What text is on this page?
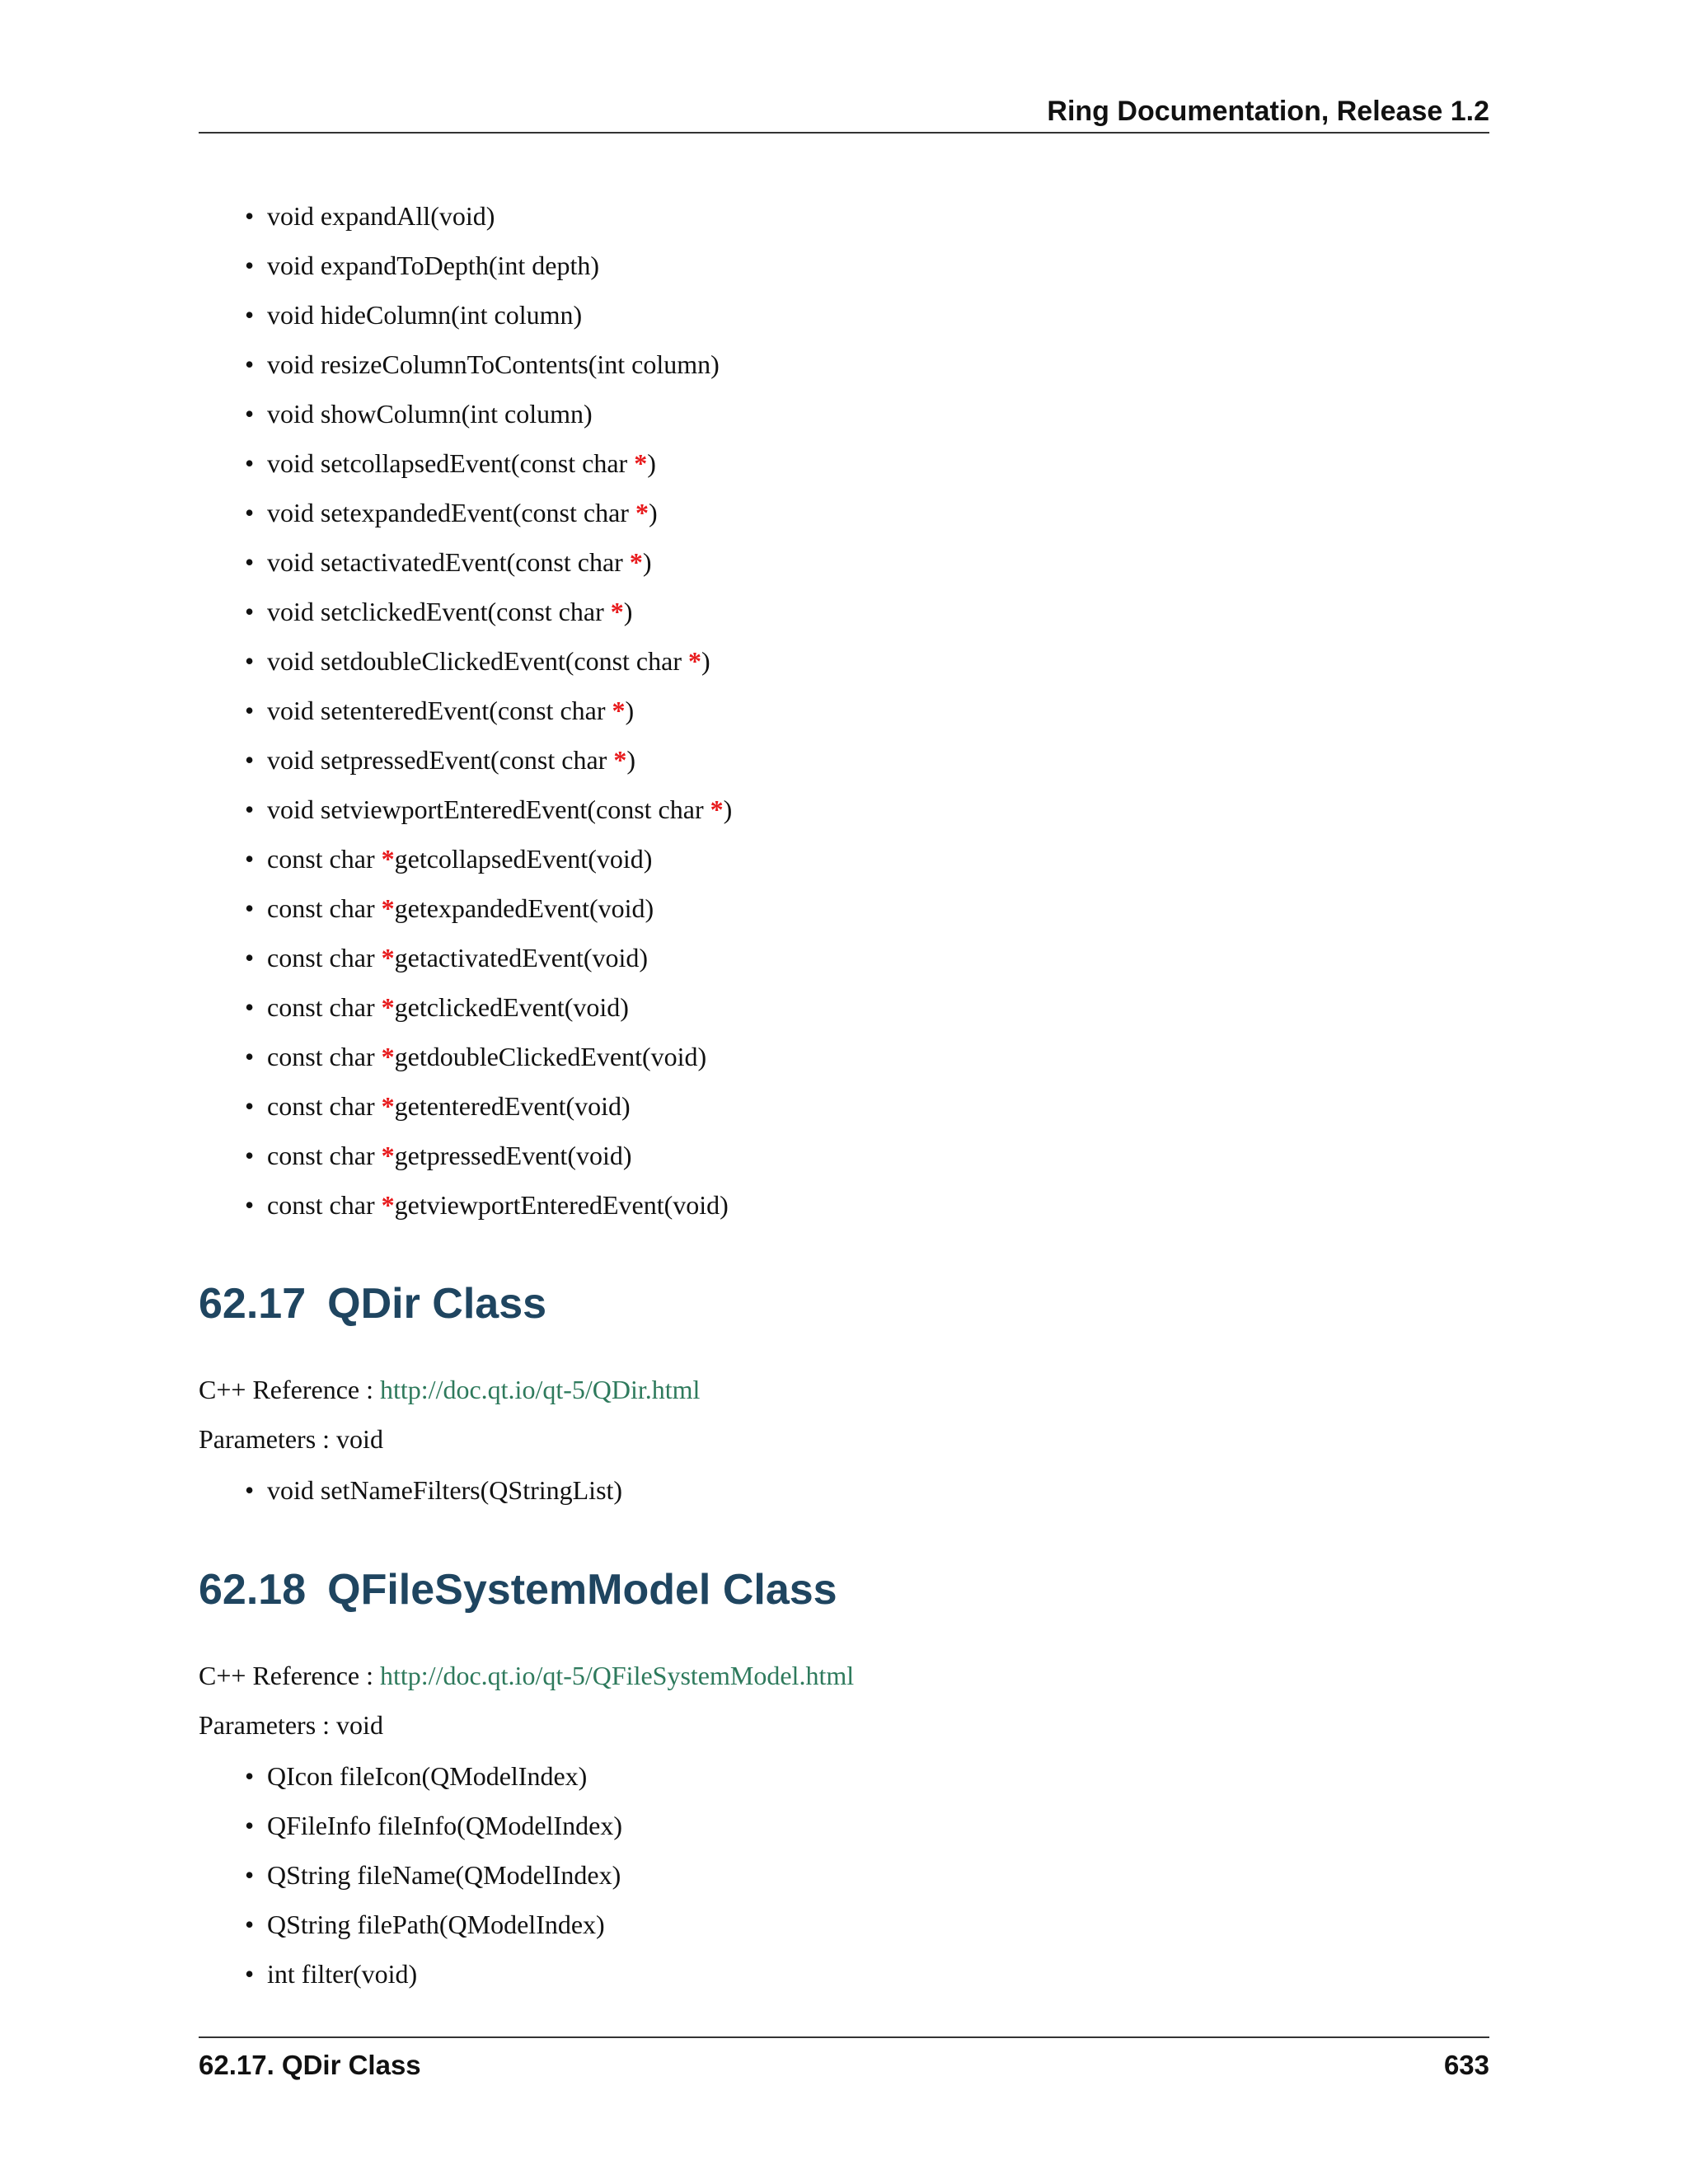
Ring Documentation, Release 1.2
• void expandAll(void)
• void expandToDepth(int depth)
• void hideColumn(int column)
• void resizeColumnToContents(int column)
• void showColumn(int column)
• void setcollapsedEvent(const char *)
• void setexpandedEvent(const char *)
• void setactivatedEvent(const char *)
• void setclickedEvent(const char *)
• void setdoubleClickedEvent(const char *)
• void setenteredEvent(const char *)
• void setpressedEvent(const char *)
• void setviewportEnteredEvent(const char *)
• const char *getcollapsedEvent(void)
• const char *getexpandedEvent(void)
• const char *getactivatedEvent(void)
• const char *getclickedEvent(void)
• const char *getdoubleClickedEvent(void)
• const char *getenteredEvent(void)
• const char *getpressedEvent(void)
• const char *getviewportEnteredEvent(void)
62.17 QDir Class
C++ Reference : http://doc.qt.io/qt-5/QDir.html
Parameters : void
• void setNameFilters(QStringList)
62.18 QFileSystemModel Class
C++ Reference : http://doc.qt.io/qt-5/QFileSystemModel.html
Parameters : void
• QIcon fileIcon(QModelIndex)
• QFileInfo fileInfo(QModelIndex)
• QString fileName(QModelIndex)
• QString filePath(QModelIndex)
• int filter(void)
62.17. QDir Class	633
